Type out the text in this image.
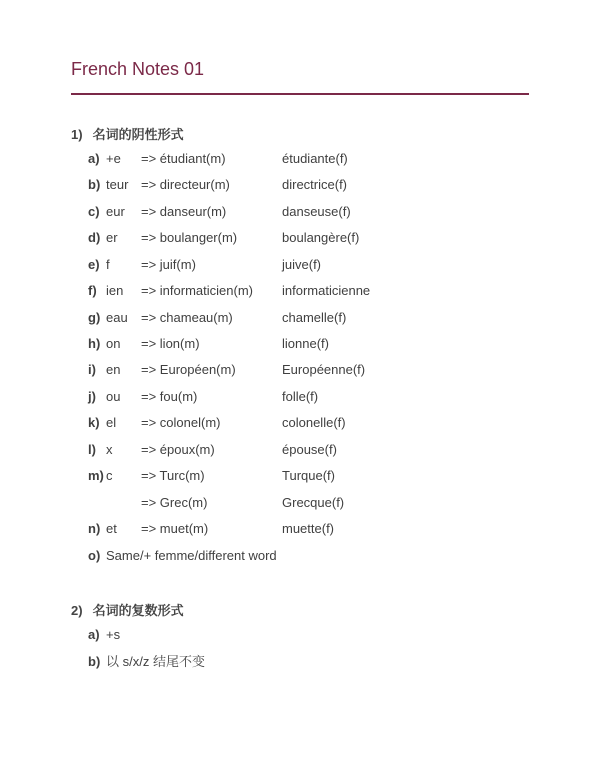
French Notes 01
1) 名词的阴性形式
a) +e => étudiant(m)	étudiante(f)
b) teur => directeur(m)	directrice(f)
c) eur => danseur(m)	danseuse(f)
d) er => boulanger(m)	boulangère(f)
e) f => juif(m)	juive(f)
f) ien => informaticien(m) informaticienne
g) eau => chameau(m)	chamelle(f)
h) on => lion(m)	lionne(f)
i) en => Européen(m)	Européenne(f)
j) ou => fou(m)	folle(f)
k) el => colonel(m)	colonelle(f)
l) x => époux(m)	épouse(f)
m) c => Turc(m)	Turque(f)
=> Grec(m)	Grecque(f)
n) et => muet(m)	muette(f)
o) Same/+ femme/different word
2) 名词的复数形式
a) +s
b) 以 s/x/z 结尾不变
